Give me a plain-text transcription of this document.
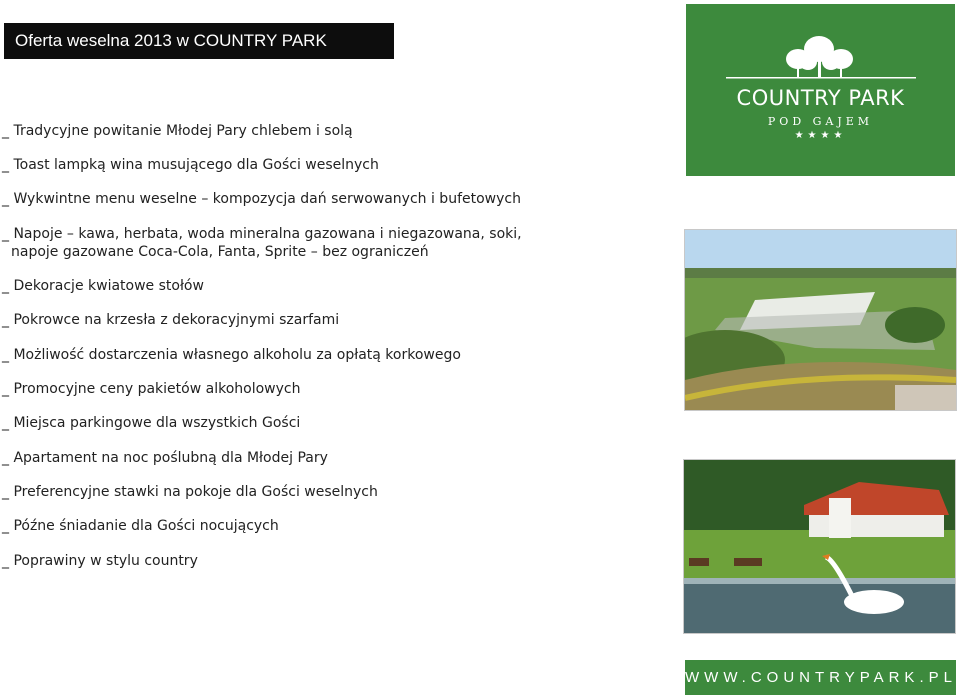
Oferta weselna 2013 w COUNTRY PARK
_ Tradycyjne powitanie Młodej Pary chlebem i solą
_ Toast lampką wina musującego dla Gości weselnych
_ Wykwintne menu weselne – kompozycja dań serwowanych i bufetowych
_ Napoje – kawa, herbata, woda mineralna gazowana i niegazowana, soki,
napoje gazowane Coca-Cola, Fanta, Sprite – bez ograniczeń
_ Dekoracje kwiatowe stołów
_ Pokrowce na krzesła z dekoracyjnymi szarfami
_ Możliwość dostarczenia własnego alkoholu za opłatą korkowego
_ Promocyjne ceny pakietów alkoholowych
_ Miejsca parkingowe dla wszystkich Gości
_ Apartament na noc poślubną dla Młodej Pary
_ Preferencyjne stawki na pokoje dla Gości weselnych
_ Późne śniadanie dla Gości nocujących
_ Poprawiny w stylu country
COUNTRY PARK
POD GAJEM
★★★★
WWW.COUNTRYPARK.PL
